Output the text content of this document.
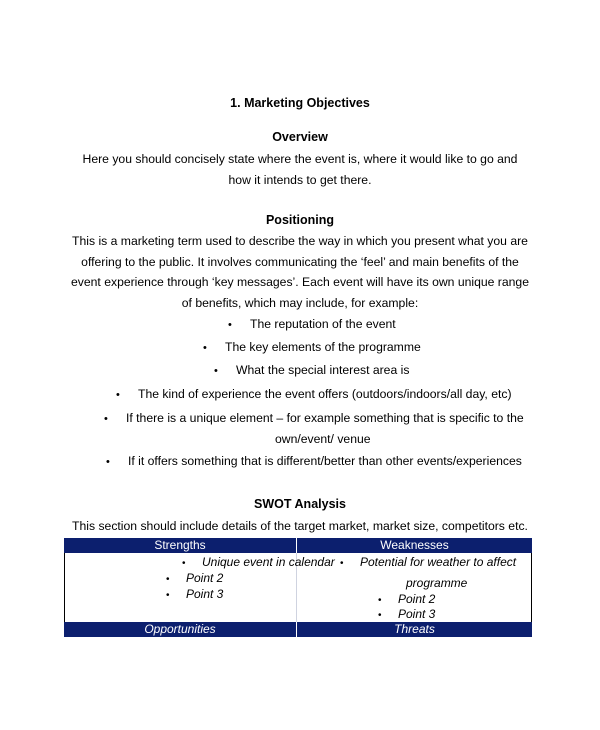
1. Marketing Objectives
Overview
Here you should concisely state where the event is, where it would like to go and
how it intends to get there.
Positioning
This is a marketing term used to describe the way in which you present what you are
offering to the public. It involves communicating the ‘feel’ and main benefits of the
event experience through ‘key messages’. Each event will have its own unique range
of benefits, which may include, for example:
• The reputation of the event
• The key elements of the programme
• What the special interest area is
• The kind of experience the event offers (outdoors/indoors/all day, etc)
• If there is a unique element – for example something that is specific to the
own/event/ venue
• If it offers something that is different/better than other events/experiences
SWOT Analysis
This section should include details of the target market, market size, competitors etc.
Strengths	Weaknesses
• Unique event in calendar
• Point 2
• Point 3
• Potential for weather to affect
programme
• Point 2
• Point 3
Opportunities	Threats
